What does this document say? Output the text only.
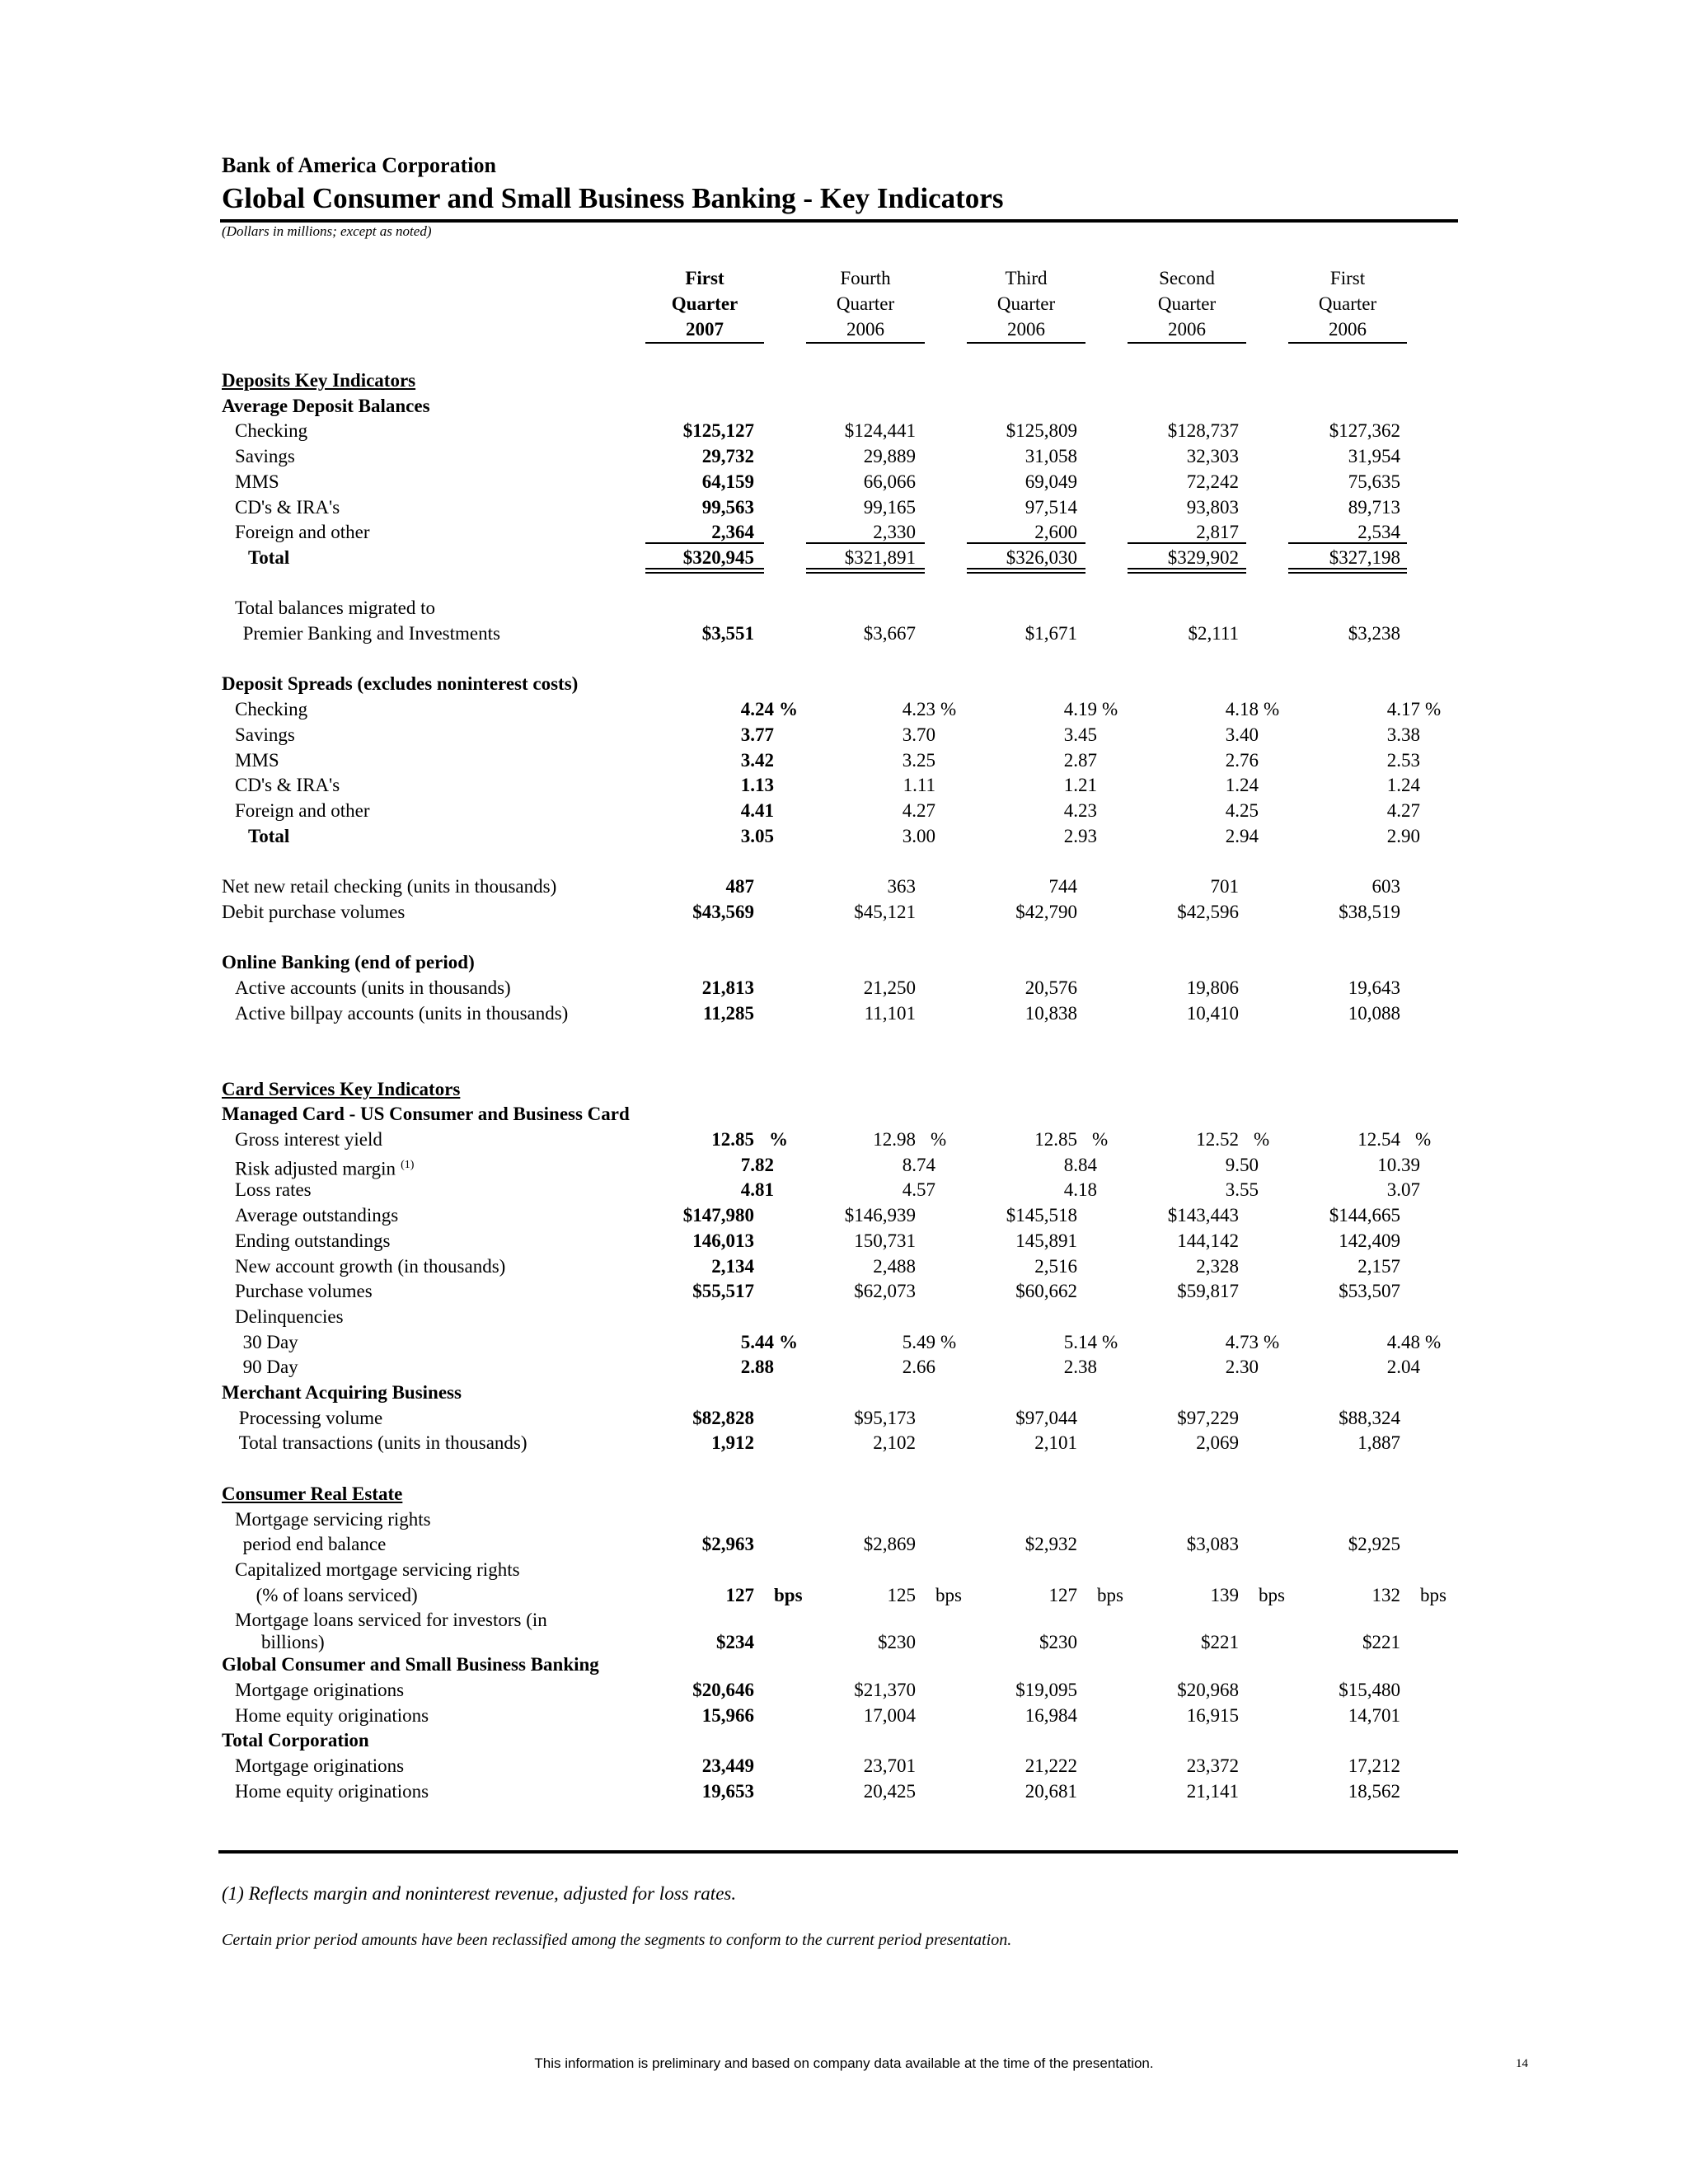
Bank of America Corporation
Global Consumer and Small Business Banking - Key Indicators
(Dollars in millions; except as noted)
First
Quarter
2007
Fourth
Quarter
2006
Third
Quarter
2006
Second
Quarter
2006
First
Quarter
2006
Deposits Key Indicators
Average Deposit Balances
Checking	$125,127	$124,441	$125,809	$128,737	$127,362
Savings	29,732	29,889	31,058	32,303	31,954
MMS	64,159	66,066	69,049	72,242	75,635
CD's & IRA's	99,563	99,165	97,514	93,803	89,713
Foreign and other	2,364	2,330	2,600	2,817	2,534
Total	$320,945	$321,891	$326,030	$329,902	$327,198
Total balances migrated to
Premier Banking and Investments	$3,551	$3,667	$1,671	$2,111	$3,238
Deposit Spreads (excludes noninterest costs)
Checking	4.24 %	4.23 %	4.19 %	4.18 %	4.17 %
Savings	3.77	3.70	3.45	3.40	3.38
MMS	3.42	3.25	2.87	2.76	2.53
CD's & IRA's	1.13	1.11	1.21	1.24	1.24
Foreign and other	4.41	4.27	4.23	4.25	4.27
Total	3.05	3.00	2.93	2.94	2.90
Net new retail checking (units in thousands)	487	363	744	701	603
Debit purchase volumes	$43,569	$45,121	$42,790	$42,596	$38,519
Online Banking (end of period)
Active accounts (units in thousands)	21,813	21,250	20,576	19,806	19,643
Active billpay accounts (units in thousands)	11,285	11,101	10,838	10,410	10,088
Card Services Key Indicators
Managed Card - US Consumer and Business Card
Gross interest yield	12.85 %	12.98 %	12.85 %	12.52 %	12.54 %
Risk adjusted margin $^{(1)}$	7.82	8.74	8.84	9.50	10.39
Loss rates	4.81	4.57	4.18	3.55	3.07
Average outstandings	$147,980	$146,939	$145,518	$143,443	$144,665
Ending outstandings	146,013	150,731	145,891	144,142	142,409
New account growth (in thousands)	2,134	2,488	2,516	2,328	2,157
Purchase volumes	$55,517	$62,073	$60,662	$59,817	$53,507
Delinquencies
30 Day	5.44 %	5.49 %	5.14 %	4.73 %	4.48 %
90 Day	2.88	2.66	2.38	2.30	2.04
Merchant Acquiring Business
Processing volume	$82,828	$95,173	$97,044	$97,229	$88,324
Total transactions (units in thousands)	1,912	2,102	2,101	2,069	1,887
Consumer Real Estate
Mortgage servicing rights
period end balance	$2,963	$2,869	$2,932	$3,083	$2,925
Capitalized mortgage servicing rights
(% of loans serviced)	127 bps	125 bps	127 bps	139 bps	132 bps
Mortgage loans serviced for investors (in
billions)	$234	$230	$230	$221	$221
Global Consumer and Small Business Banking
Mortgage originations	$20,646	$21,370	$19,095	$20,968	$15,480
Home equity originations	15,966	17,004	16,984	16,915	14,701
Total Corporation
Mortgage originations	23,449	23,701	21,222	23,372	17,212
Home equity originations	19,653	20,425	20,681	21,141	18,562
(1) Reflects margin and noninterest revenue, adjusted for loss rates.
Certain prior period amounts have been reclassified among the segments to conform to the current period presentation.
This information is preliminary and based on company data available at the time of the presentation.	14
